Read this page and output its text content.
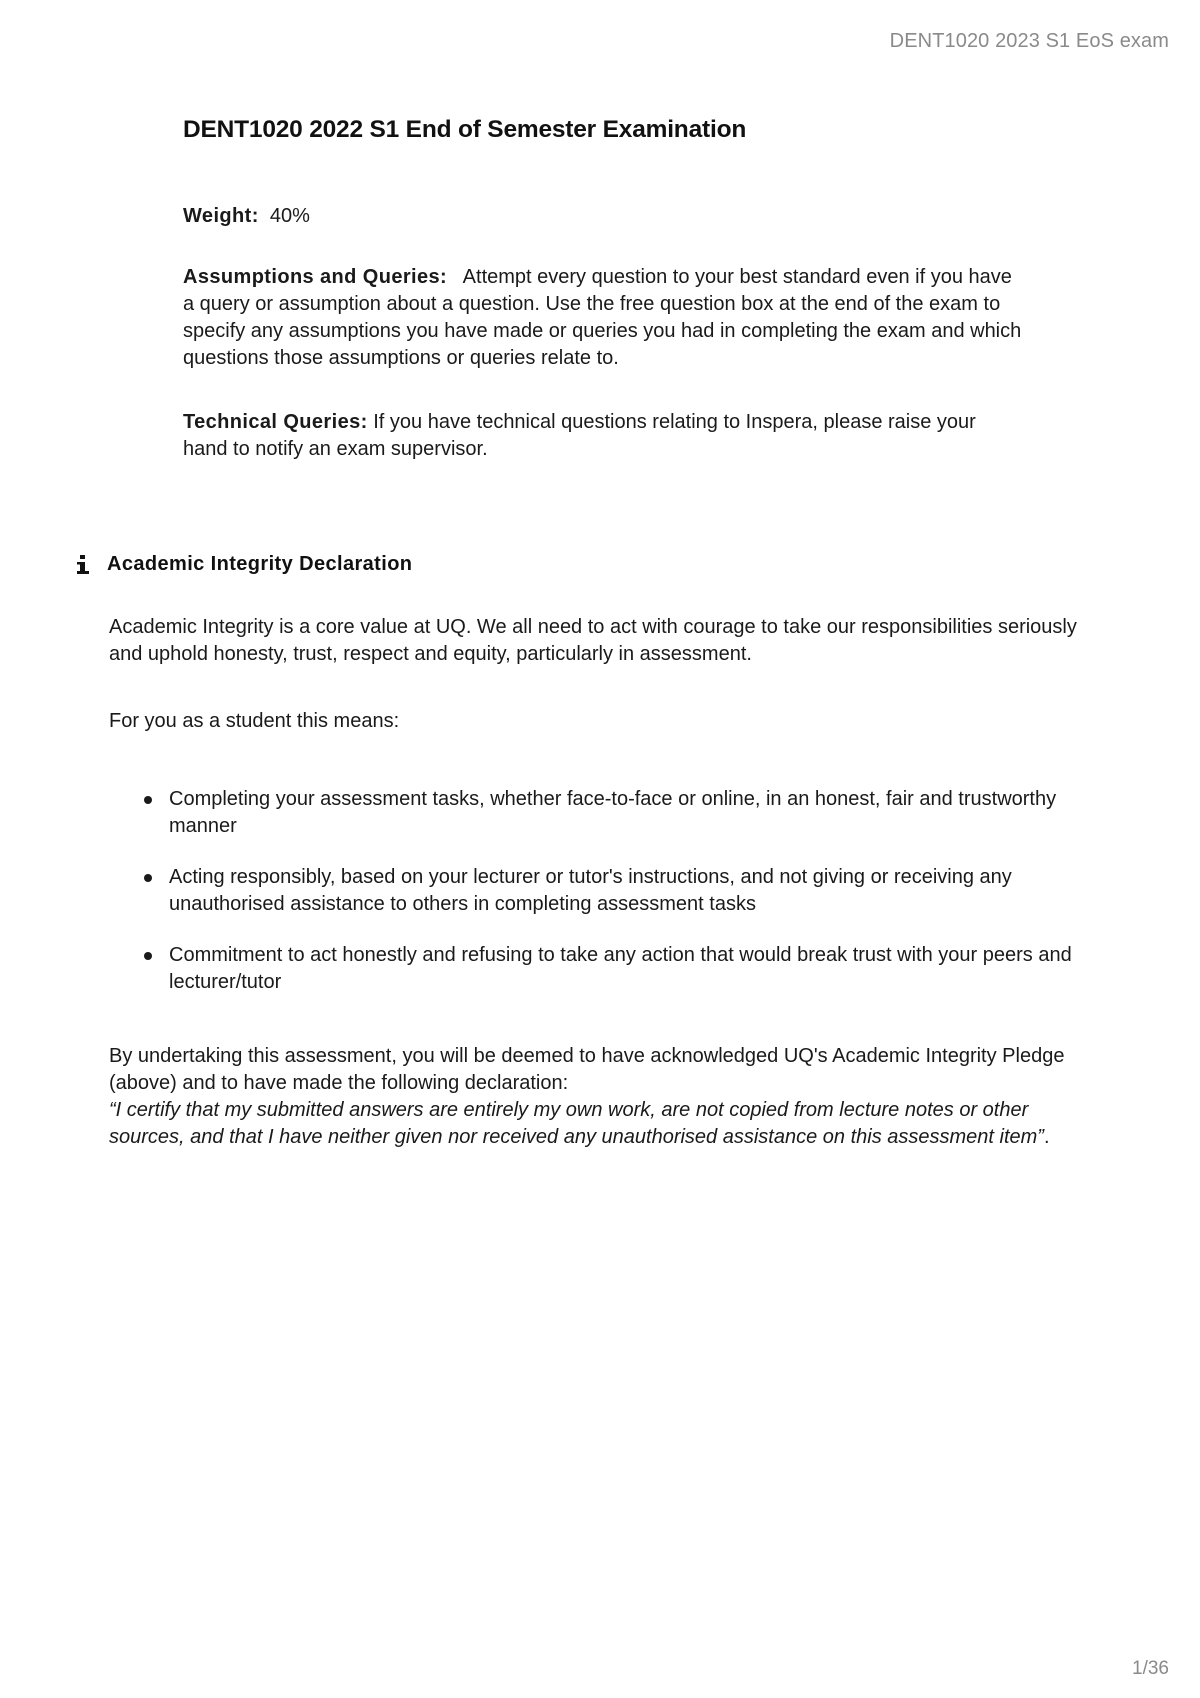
DENT1020 2023 S1 EoS exam
DENT1020 2022 S1 End of Semester Examination

Weight: 40%

Assumptions and Queries: Attempt every question to your best standard even if you have a query or assumption about a question. Use the free question box at the end of the exam to specify any assumptions you have made or queries you had in completing the exam and which questions those assumptions or queries relate to.

Technical Queries: If you have technical questions relating to Inspera, please raise your hand to notify an exam supervisor.

Academic Integrity Declaration

Academic Integrity is a core value at UQ. We all need to act with courage to take our responsibilities seriously and uphold honesty, trust, respect and equity, particularly in assessment.

For you as a student this means:

Completing your assessment tasks, whether face-to-face or online, in an honest, fair and trustworthy manner
Acting responsibly, based on your lecturer or tutor's instructions, and not giving or receiving any unauthorised assistance to others in completing assessment tasks
Commitment to act honestly and refusing to take any action that would break trust with your peers and lecturer/tutor

By undertaking this assessment, you will be deemed to have acknowledged UQ's Academic Integrity Pledge (above) and to have made the following declaration:
“I certify that my submitted answers are entirely my own work, are not copied from lecture notes or other sources, and that I have neither given nor received any unauthorised assistance on this assessment item”.

1/36
